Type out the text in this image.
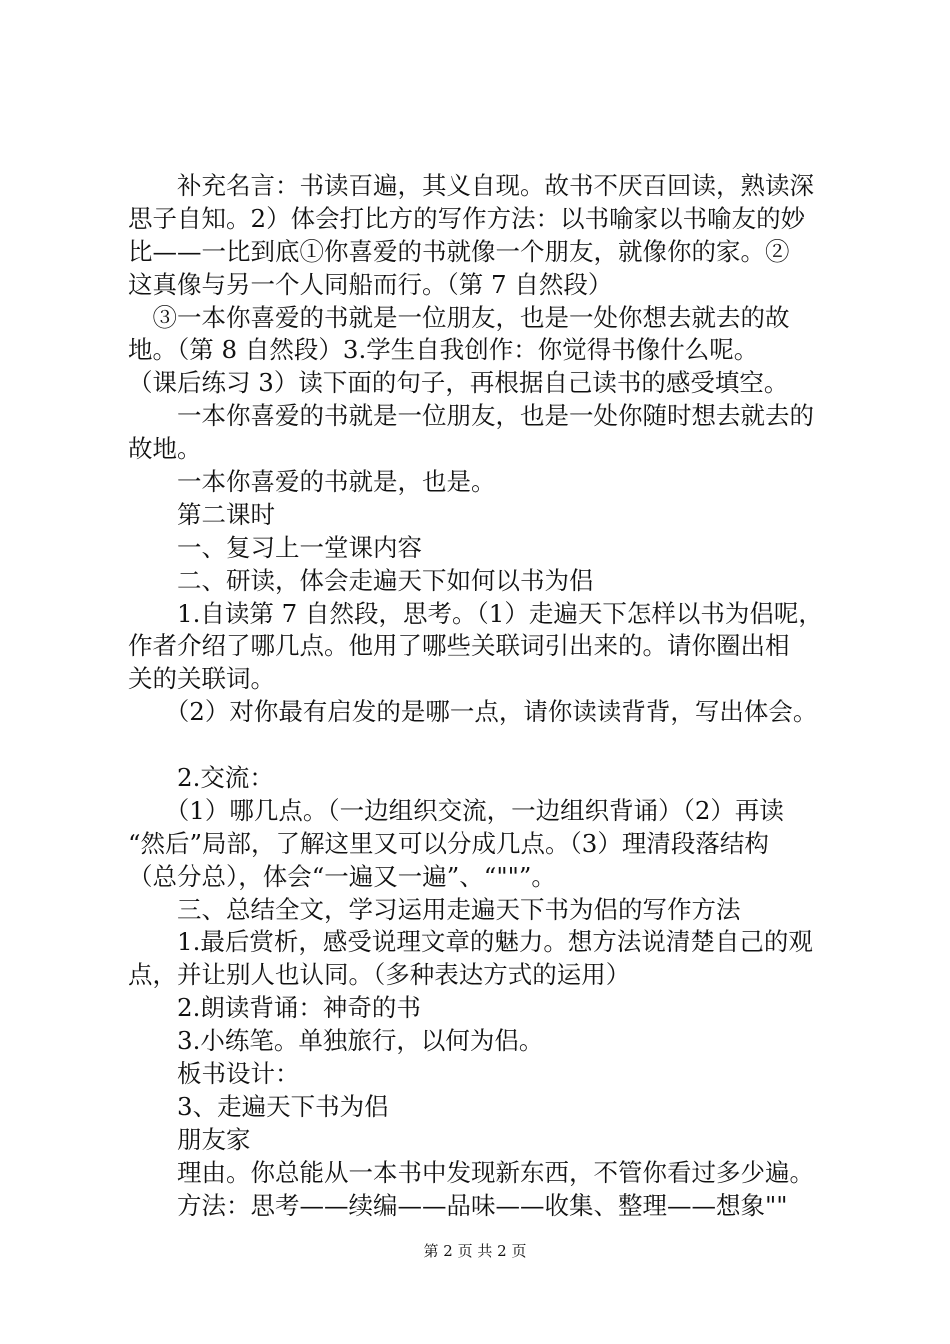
　　补充名言：书读百遍，其义自现。故书不厌百回读，熟读深
思子自知。2）体会打比方的写作方法：以书喻家以书喻友的妙
比——一比到底①你喜爱的书就像一个朋友，就像你的家。②
这真像与另一个人同船而行。（第 7 自然段）
　③一本你喜爱的书就是一位朋友，也是一处你想去就去的故
地。（第 8 自然段）3.学生自我创作：你觉得书像什么呢。
（课后练习 3）读下面的句子，再根据自己读书的感受填空。
　　一本你喜爱的书就是一位朋友，也是一处你随时想去就去的
故地。
　　一本你喜爱的书就是，也是。
　　第二课时
　　一、复习上一堂课内容
　　二、研读，体会走遍天下如何以书为侣
　　1.自读第 7 自然段，思考。（1）走遍天下怎样以书为侣呢，
作者介绍了哪几点。他用了哪些关联词引出来的。请你圈出相
关的关联词。
　　（2）对你最有启发的是哪一点，请你读读背背，写出体会。
　　2.交流：
　　（1）哪几点。（一边组织交流，一边组织背诵）（2）再读
“然后”局部，了解这里又可以分成几点。（3）理清段落结构
（总分总），体会“一遍又一遍”、“""”。
　　三、总结全文，学习运用走遍天下书为侣的写作方法
　　1.最后赏析，感受说理文章的魅力。想方法说清楚自己的观
点，并让别人也认同。（多种表达方式的运用）
　　2.朗读背诵：神奇的书
　　3.小练笔。单独旅行，以何为侣。
　　板书设计：
　　3、走遍天下书为侣
　　朋友家
　　理由。你总能从一本书中发现新东西，不管你看过多少遍。
　　方法：思考——续编——品味——收集、整理——想象""
第 2 页 共 2 页
